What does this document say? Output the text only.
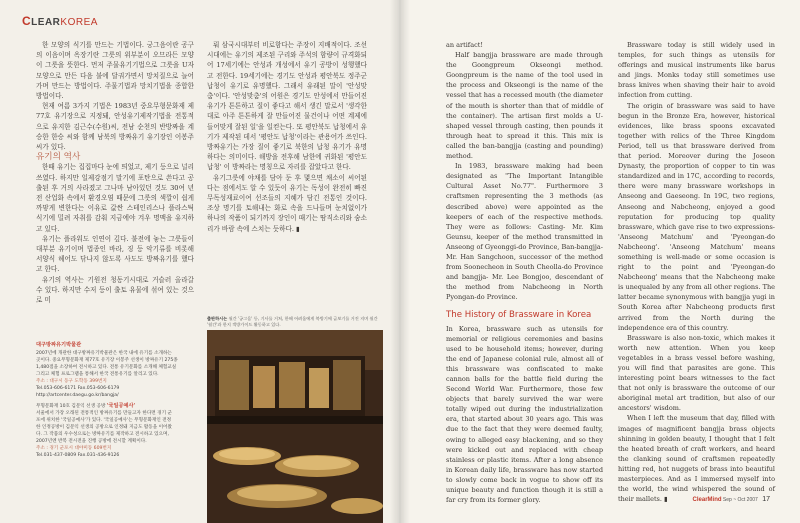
CLEARKOREA

한 모양의 식기를 만드는 기법이다. 궁그음이란 공구의 이음이며 옥장기란 그릇의 위부분이 오므라든 모양이 그릇을 뜻한다. 먼저 주물유기기법으로 그릇을 U자 모양으로 만든 다음 불에 달궈가면서 망치질으로 늘어가며 만드는 방법이다. 주물기법과 망치기법을 종합한 방법이다.

현재 여름 3가지 기법은 1983년 중요무형문화재 제77호 유기장으로 지정돼, 안성유기제작기법을 전통적으로 유지한 김근수(수원)씨, 전남 순천의 반방짜을 계승한 한승 씨와 함께 남북의 방짜유기 유기장인 이봉주씨가 있다.

유기의 역사

한때 유기는 집집마다 눈에 띄었고, 제기 등으로 널리 쓰였다. 하지만 일제강점기 말기에 포탄으로 쓴다고 공출된 후 거의 사라졌고 그나마 남아있던 것도 30여 년 전 산업화 속에서 환경오염 때문에 그릇의 색깔이 쉽게 까맣게 변한다는 이유로 값싼 스테인리스나 플라스틱 식기에 밀려 자취를 감춰 지금에야 겨우 명맥을 유지하고 있다.

유기는 플라워도 인연이 깊다. 불전에 놓는 그릇들이 대부분 유기이며 법종인 바라, 징 등 악기류를 비롯해 서양식 헤어도 닦나지 않도록 사도도 방짜유기를 했다고 한다.

유기의 역사는 기원전 청동기시대로 거슬러 올라갈 수 있다. 하지만 수저 등이 출토 유물에 섞여 있는 것으로 미

뤄 삼국시대부터 비로함다는 주장이 지배적이다. 조선시대에는 유기의 제조된 구리와 주석의 함량이 규격화되어 17세기에는 안성과 개성에서 유기 공방이 성행했다고 전한다. 19세기에는 경기도 안성과 평안북도 정주군 납청이 유기로 유명했다. 그래서 유래된 말이 '안성맞춤'이다. '안성맞춤'의 어원은 경기도 안성에서 만들어진 유기가 튼튼하고 질이 좋다고 해서 생긴 말로서 '생각한 대로 아주 튼튼하게 잘 만들어진 물건이나 어떤 계제에 들어맞게 잘된 일'을 일컫는다. 또 평안북도 납청에서 유기가 제작된 데서 '평안도 납청'이라는 관용어가 쓰인다. 방짜유기는 가장 질이 좋기로 북한의 납청 유기가 유명하다는 의미이다. 해방을 전후해 남한에 귀화된 '평안도 납청' 이 방짜라는 명칭으로 자리를 잡았다고 한다.

유기그릇에 야채를 담아 둔 후 몇으면 채소이 씨어된다는 점에서도 알 수 있듯이 유기는 독성이 완전히 빠진 무독성재료이여 선조들의 지혜가 담긴 전통인 것이다. 조상 명기를 토해내는 화로 속을 드나들며 눈치없이가 하나의 작품이 되기까지 장인이 때기는 땀직소리와 숨소리가 바람 속에 스치는 듯하다. ▮

대구방짜유기박물관
2007년에 개관한 대구방짜유기박물관은 한국 내에 유기를 소개하는
곳이다. 중요무형문화재 제77호 유기장 이봉주 선생이 방짜유기 275종
1,480점을 소장하여 전시하고 있다. 전통 유기문화를 소개해 체험교실
그리고 체험 프로그램을 통해서 한국 전통유기를 알리고 있다.
주소 : 대구시 동구 도학동 399번지
Tel.053-606-6171 Fax.053-606-6179
http://artcenter.daegu.go.kr/bangja/
무형문화재 10호 김문익 선생 공방 '국일공예사'
서울에서 가장 오래된 전통적인 방짜유기를 만들고자 한다면 경기 군
포에 위치한 '국일공예사'가 있다. '국일공예사'는 무형문화재인 전정
한 인정공방이 김문익 선생의 공방으로 인정돼 지금도 활동을 이어왔
다. 그 작품의 우수성으로는 방짜유기를 제작하고 전시하고 있으며,
2007년엔 반복 전시전을 진행 공방에 전시할 계획이다.
주소 : 경기 군포시 대야미동 609번지
Tel.031-437-0809 Fax.031-436-9126
출판하시는 월간 '궁그음' 등, 기사를 거쳐, 한해 어려움에게 북방기에 급보기를 거진 지며 월간 '월간'과 한지 객방가이드 활동하고 있다.

an artifact!

Half bangjja brassware are made through the Goongpreum Okseongi method. Goongpreum is the name of the tool used in the process and Okseongi is the name of the vessel that has a recessed mouth (the diameter of the mouth is shorter than that of middle of the container). The artisan first molds a U-shaped vessel through casting, then pounds it through heat to spread it this. This mix is called the ban-bangjja (casting and pounding) method.

In 1983, brassware making had been designated as "The Important Intangible Cultural Asset No.77". Furthermore 3 craftsmen representing the 3 methods (as described above) were appointed as the keepers of each of the respective methods. They were as follows: Casting- Mr. Kim Geunsu, keeper of the method transmitted in Anseong of Gyeonggi-do Province, Ban-bangjja- Mr. Han Sangchoon, successor of the method from Soonecheon in South Cheolla-do Province and bangjja- Mr. Lee Bongjoo, descendant of the method from Nabcheong in North Pyongan-do Province.

The History of Brassware in Korea

In Korea, brassware such as utensils for memorial or religious ceremonies and basins used to be household items; however, during the end of Japanese colonial rule, almost all of this brassware was confiscated to make cannon balls for the battle field during the Second World War. Furthermore, those few objects that barely survived the war were totally wiped out during the industrialization era, that started about 30 years ago. This was due to the fact that they were deemed faulty, owing to alleged easy blackening, and so they were kicked out and replaced with cheap stainless or plastic items. After a long absence in Korean daily life, brassware has now started to slowly come back in vogue to show off its unique beauty and function though it is still a far cry from its former glory.

Brassware today is still widely used in temples, for such things as utensils for offerings and musical instruments like barus and jings. Monks today still sometimes use brass knives when shaving their hair to avoid infection from cutting.

The origin of brassware was said to have begun in the Bronze Era, however, historical evidences, like brass spoons excavated together with relics of the Three Kingdom Period, tell us that brassware derived from that period. Moreover during the Joseon Dynasty, the proportion of copper to tin was standardized and in 17C, according to records, there were many brassware workshops in Anseong and Gaeseong. In 19C, two regions, Anseong and Nabcheong, enjoyed a good reputation for producing top quality brassware, which gave rise to two expressions-'Anseong Matchum' and 'Pyeongan-do Nabcheong'. 'Anseong Matchum' means something is well-made or some occasion is right to the point and 'Pyeongan-do Nabcheong' means that the Nabcheong make is unequaled by any from all other regions. The latter became synonymous with bangjja yugi in South Korea after Nabcheong products first arrived from the North during the independence era of this country.

Brassware is also non-toxic, which makes it worth new attention. When you keep vegetables in a brass vessel before washing, you will find that parasites are gone. This interesting point bears witnesses to the fact that not only is brassware the outcome of our aboriginal metal art tradition, but also of our ancestors' wisdom.

When I left the museum that day, filled with images of magnificent bangjja brass objects shinning in golden beauty, I thought that I felt the heated breath of craft workers, and heard the clanking sound of craftsmen repeatedly hitting red, hot nuggets of brass into beautiful masterpieces. And as I immersed myself into the world, the wind whispered the sound of their mallets. ▮	ClearMind Sep ~ Oct 2007 17
